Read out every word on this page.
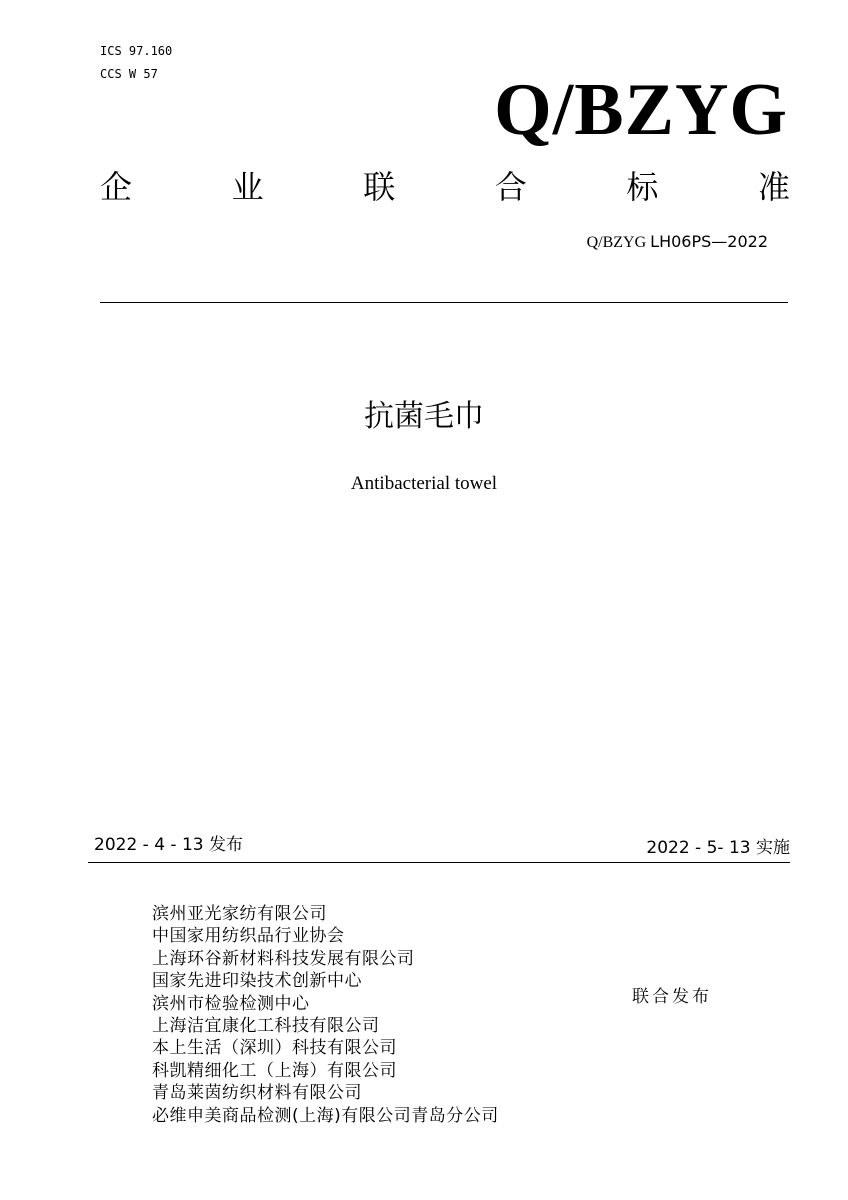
ICS 97.160
CCS W 57	Q/BZYG
企	业	联	合	标	准
Q/BZYG LH06PS—2022
抗菌毛巾
Antibacterial towel
2022 - 4 - 13 发布	2022 - 5- 13 实施
滨州亚光家纺有限公司
中国家用纺织品行业协会
上海环谷新材料科技发展有限公司
国家先进印染技术创新中心
滨州市检验检测中心
上海洁宜康化工科技有限公司
本上生活（深圳）科技有限公司
科凯精细化工（上海）有限公司
青岛莱茵纺织材料有限公司
必维申美商品检测(上海)有限公司青岛分公司
联合发布
